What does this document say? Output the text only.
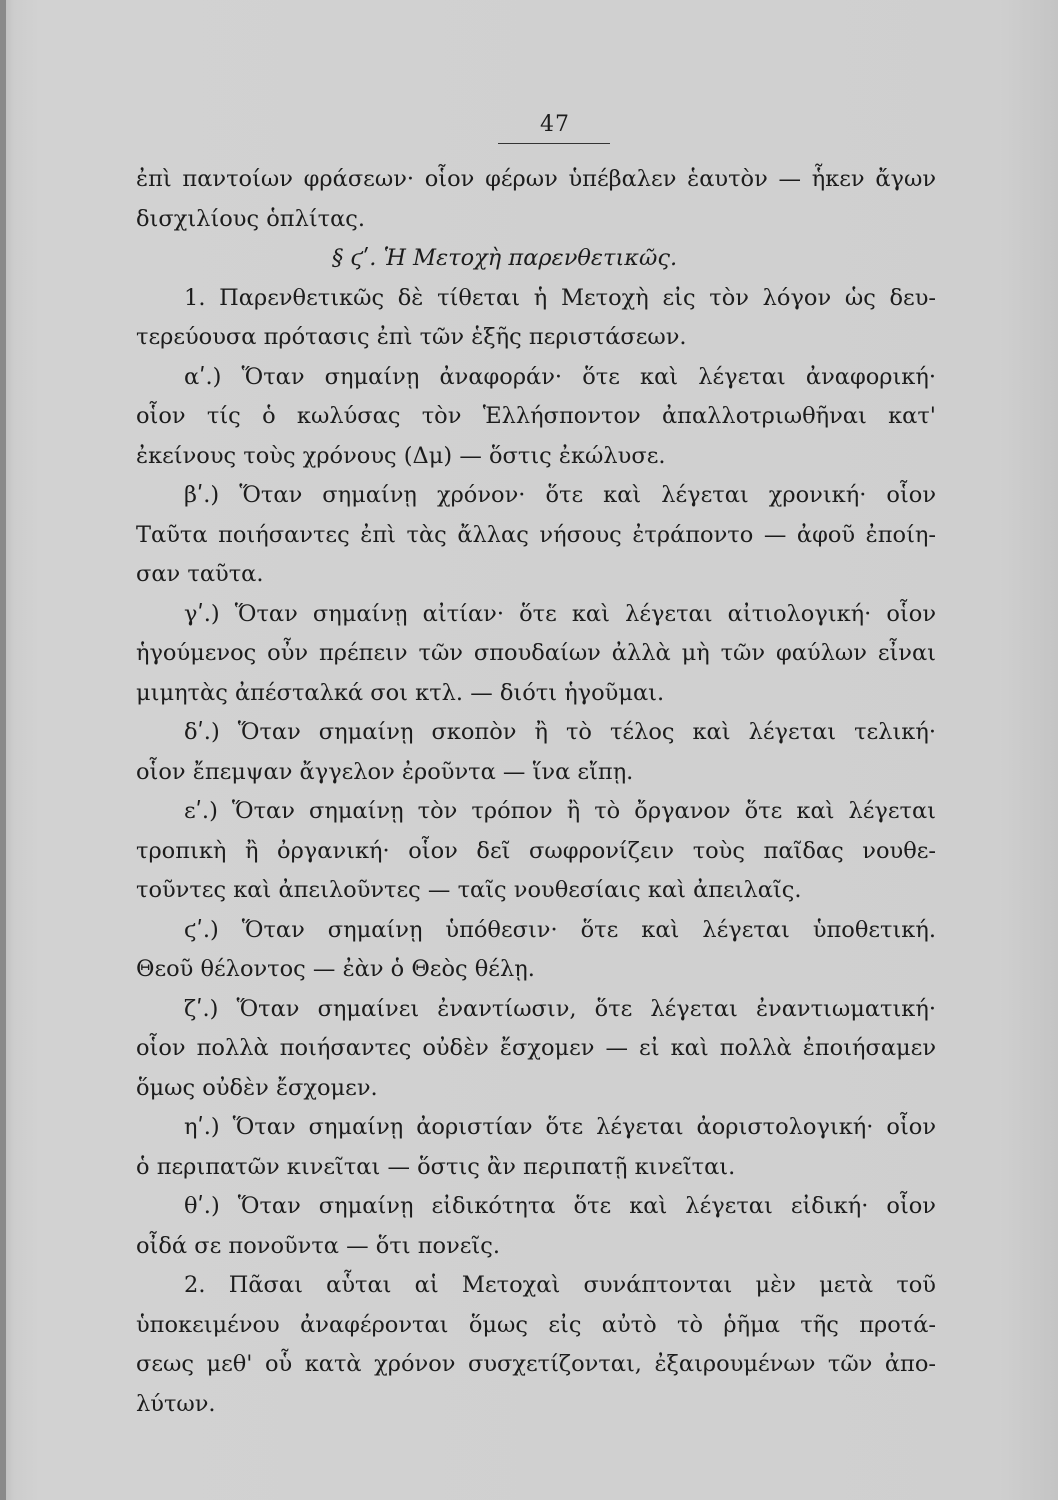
47
ἐπὶ παντοίων φράσεων· οἷον φέρων ὑπέβαλεν ἑαυτὸν — ἧκεν ἄγων
δισχιλίους ὁπλίτας.
§ ϛʹ. Ἡ Μετοχὴ παρενθετικῶς.
1. Παρενθετικῶς δὲ τίθεται ἡ Μετοχὴ εἰς τὸν λόγον ὡς δευ-
τερεύουσα πρότασις ἐπὶ τῶν ἑξῆς περιστάσεων.
αʹ.) Ὅταν σημαίνῃ ἀναφοράν· ὅτε καὶ λέγεται ἀναφορική·
οἷον τίς ὁ κωλύσας τὸν Ἑλλήσποντον ἀπαλλοτριωθῆναι κατ'
ἐκείνους τοὺς χρόνους (Δμ) — ὅστις ἐκώλυσε.
βʹ.) Ὅταν σημαίνῃ χρόνον· ὅτε καὶ λέγεται χρονική· οἷον
Ταῦτα ποιήσαντες ἐπὶ τὰς ἄλλας νήσους ἐτράποντο — ἀφοῦ ἐποίη-
σαν ταῦτα.
γʹ.) Ὅταν σημαίνῃ αἰτίαν· ὅτε καὶ λέγεται αἰτιολογική· οἷον
ἡγούμενος οὖν πρέπειν τῶν σπουδαίων ἀλλὰ μὴ τῶν φαύλων εἶναι
μιμητὰς ἀπέσταλκά σοι κτλ. — διότι ἡγοῦμαι.
δʹ.) Ὅταν σημαίνῃ σκοπὸν ἢ τὸ τέλος καὶ λέγεται τελική·
οἷον ἔπεμψαν ἄγγελον ἐροῦντα — ἵνα εἴπῃ.
εʹ.) Ὅταν σημαίνῃ τὸν τρόπον ἢ τὸ ὄργανον ὅτε καὶ λέγεται
τροπικὴ ἢ ὀργανική· οἷον δεῖ σωφρονίζειν τοὺς παῖδας νουθε-
τοῦντες καὶ ἀπειλοῦντες — ταῖς νουθεσίαις καὶ ἀπειλαῖς.
ϛʹ.) Ὅταν σημαίνῃ ὑπόθεσιν· ὅτε καὶ λέγεται ὑποθετική.
Θεοῦ θέλοντος — ἐὰν ὁ Θεὸς θέλῃ.
ζʹ.) Ὅταν σημαίνει ἐναντίωσιν, ὅτε λέγεται ἐναντιωματική·
οἷον πολλὰ ποιήσαντες οὐδὲν ἔσχομεν — εἰ καὶ πολλὰ ἐποιήσαμεν
ὅμως οὐδὲν ἔσχομεν.
ηʹ.) Ὅταν σημαίνῃ ἀοριστίαν ὅτε λέγεται ἀοριστολογική· οἷον
ὁ περιπατῶν κινεῖται — ὅστις ἂν περιπατῇ κινεῖται.
θʹ.) Ὅταν σημαίνῃ εἰδικότητα ὅτε καὶ λέγεται εἰδική· οἷον
οἶδά σε πονοῦντα — ὅτι πονεῖς.
2. Πᾶσαι αὗται αἱ Μετοχαὶ συνάπτονται μὲν μετὰ τοῦ
ὑποκειμένου ἀναφέρονται ὅμως εἰς αὐτὸ τὸ ῥῆμα τῆς προτά-
σεως μεθ' οὗ κατὰ χρόνον συσχετίζονται, ἐξαιρουμένων τῶν ἀπο-
λύτων.
